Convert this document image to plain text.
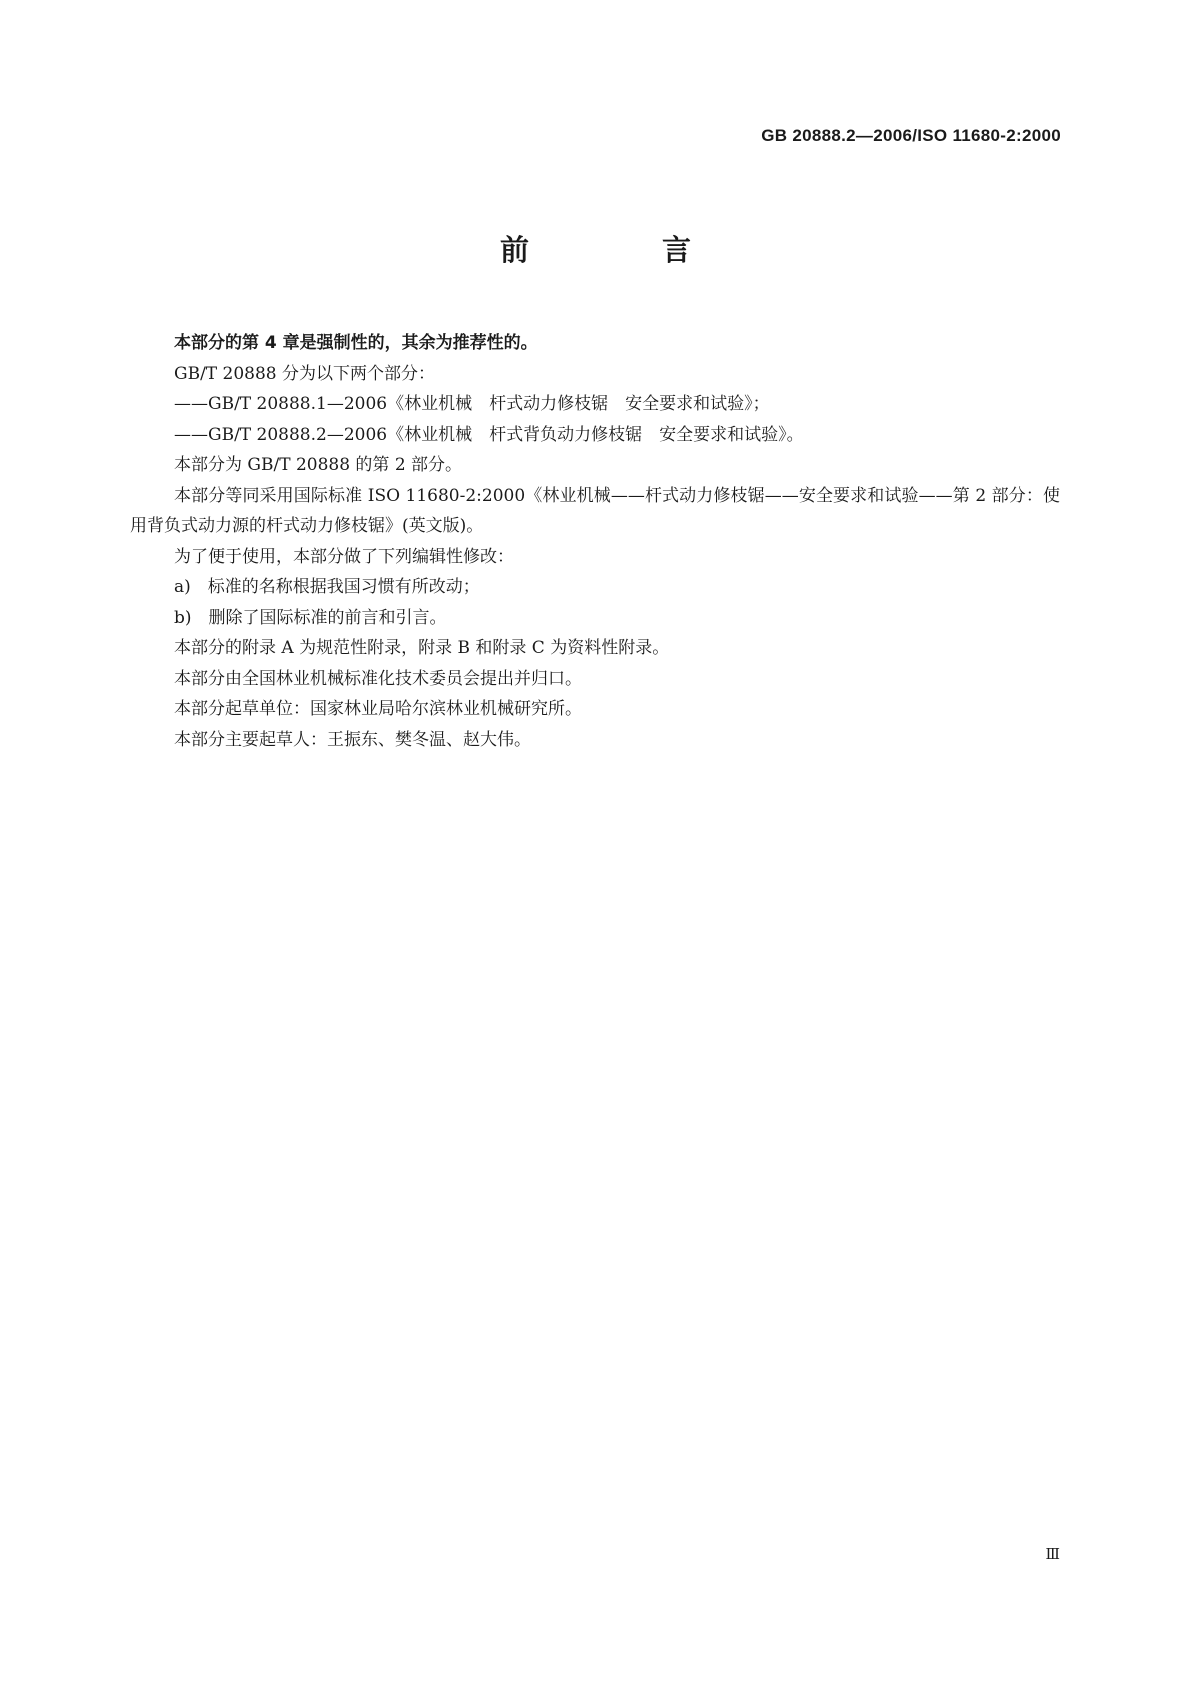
GB 20888.2—2006/ISO 11680-2:2000
前　言

本部分的第 4 章是强制性的，其余为推荐性的。

GB/T 20888 分为以下两个部分：

——GB/T 20888.1—2006《林业机械　杆式动力修枝锯　安全要求和试验》；

——GB/T 20888.2—2006《林业机械　杆式背负动力修枝锯　安全要求和试验》。

本部分为 GB/T 20888 的第 2 部分。

本部分等同采用国际标准 ISO 11680-2:2000《林业机械——杆式动力修枝锯——安全要求和试验——第 2 部分：使用背负式动力源的杆式动力修枝锯》(英文版)。

为了便于使用，本部分做了下列编辑性修改：

a)　标准的名称根据我国习惯有所改动；

b)　删除了国际标准的前言和引言。

本部分的附录 A 为规范性附录，附录 B 和附录 C 为资料性附录。

本部分由全国林业机械标准化技术委员会提出并归口。

本部分起草单位：国家林业局哈尔滨林业机械研究所。

本部分主要起草人：王振东、樊冬温、赵大伟。

Ⅲ
